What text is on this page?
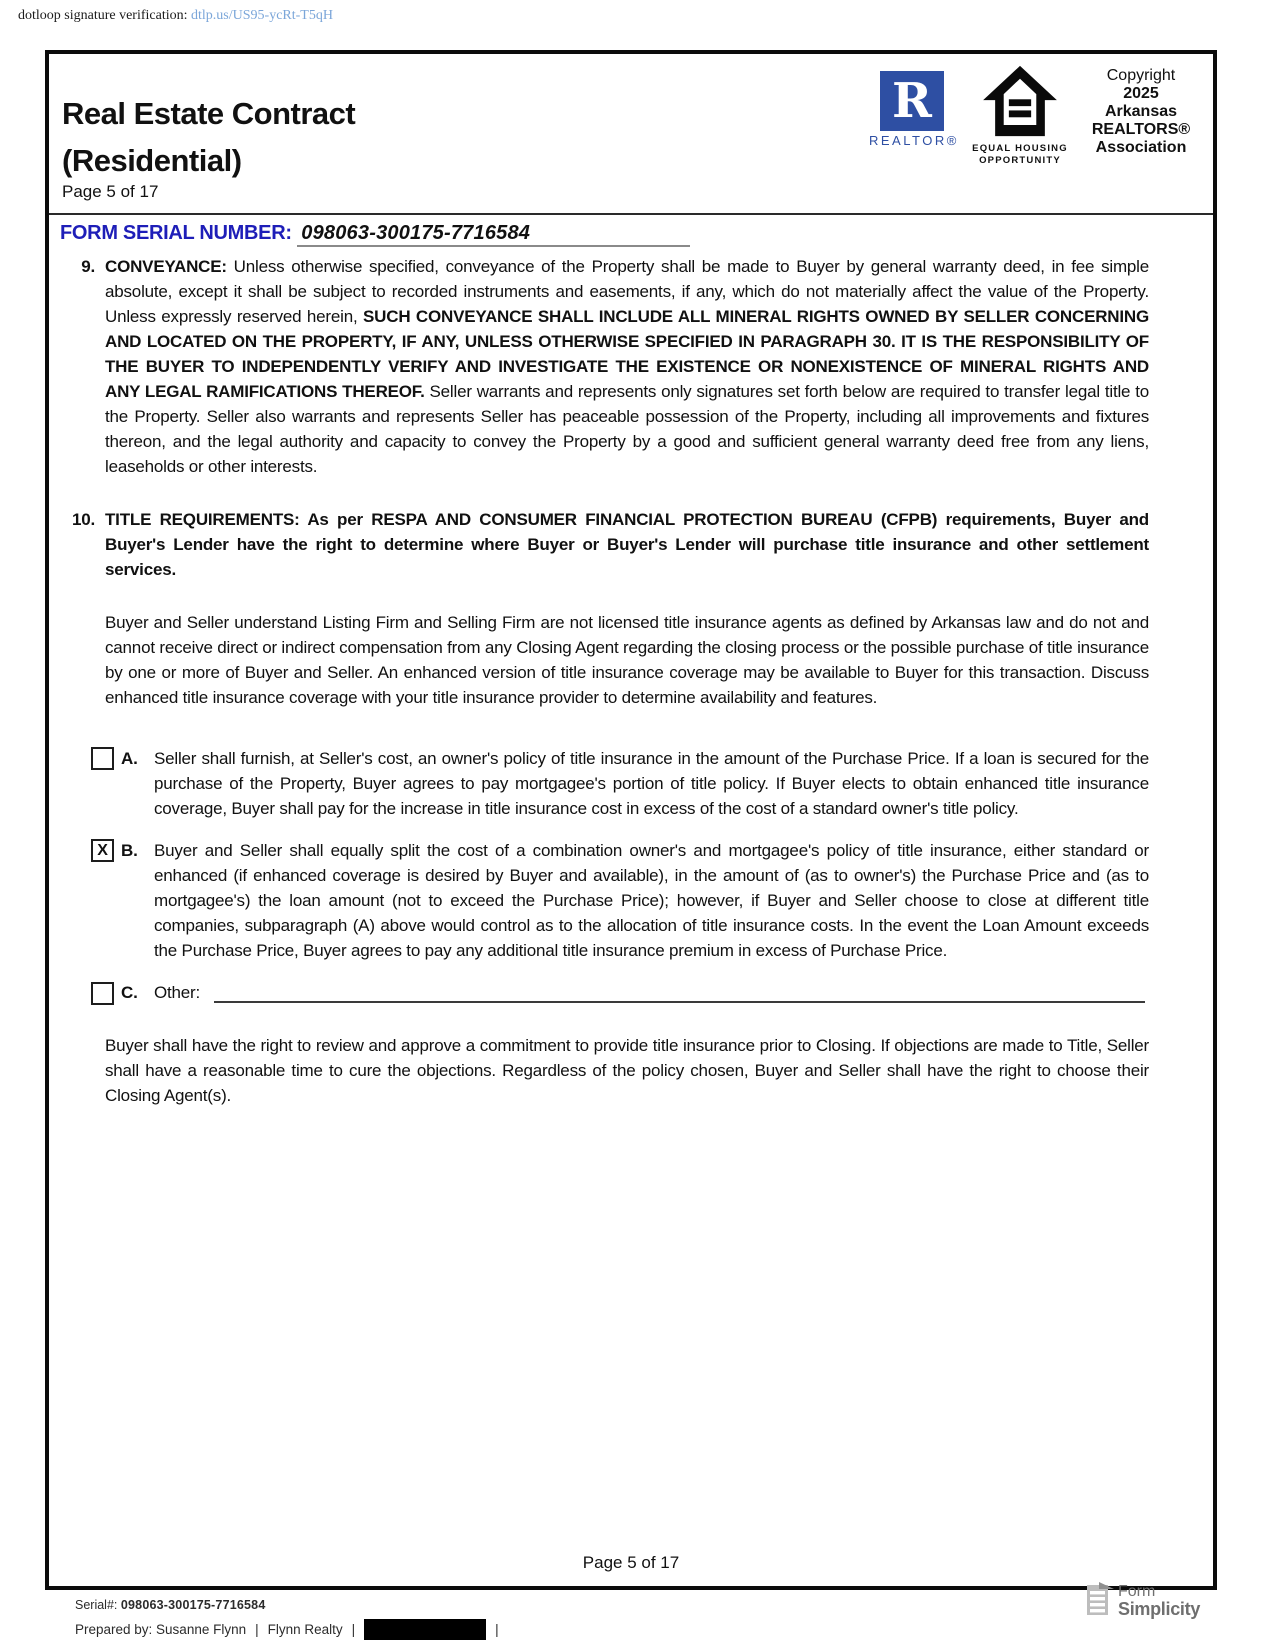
dotloop signature verification: dtlp.us/US95-ycRt-T5qH
Real Estate Contract
(Residential)
Page 5 of 17
R
REALTOR®
EQUAL HOUSING
OPPORTUNITY
Copyright
2025
Arkansas
REALTORS®
Association
FORM SERIAL NUMBER: 098063-300175-7716584
9. CONVEYANCE: Unless otherwise specified, conveyance of the Property shall be made to Buyer by general warranty deed, in fee simple absolute, except it shall be subject to recorded instruments and easements, if any, which do not materially affect the value of the Property. Unless expressly reserved herein, SUCH CONVEYANCE SHALL INCLUDE ALL MINERAL RIGHTS OWNED BY SELLER CONCERNING AND LOCATED ON THE PROPERTY, IF ANY, UNLESS OTHERWISE SPECIFIED IN PARAGRAPH 30. IT IS THE RESPONSIBILITY OF THE BUYER TO INDEPENDENTLY VERIFY AND INVESTIGATE THE EXISTENCE OR NONEXISTENCE OF MINERAL RIGHTS AND ANY LEGAL RAMIFICATIONS THEREOF. Seller warrants and represents only signatures set forth below are required to transfer legal title to the Property. Seller also warrants and represents Seller has peaceable possession of the Property, including all improvements and fixtures thereon, and the legal authority and capacity to convey the Property by a good and sufficient general warranty deed free from any liens, leaseholds or other interests.
10. TITLE REQUIREMENTS: As per RESPA AND CONSUMER FINANCIAL PROTECTION BUREAU (CFPB) requirements, Buyer and Buyer's Lender have the right to determine where Buyer or Buyer's Lender will purchase title insurance and other settlement services.
Buyer and Seller understand Listing Firm and Selling Firm are not licensed title insurance agents as defined by Arkansas law and do not and cannot receive direct or indirect compensation from any Closing Agent regarding the closing process or the possible purchase of title insurance by one or more of Buyer and Seller. An enhanced version of title insurance coverage may be available to Buyer for this transaction. Discuss enhanced title insurance coverage with your title insurance provider to determine availability and features.
A. Seller shall furnish, at Seller's cost, an owner's policy of title insurance in the amount of the Purchase Price. If a loan is secured for the purchase of the Property, Buyer agrees to pay mortgagee's portion of title policy. If Buyer elects to obtain enhanced title insurance coverage, Buyer shall pay for the increase in title insurance cost in excess of the cost of a standard owner's title policy.
X B. Buyer and Seller shall equally split the cost of a combination owner's and mortgagee's policy of title insurance, either standard or enhanced (if enhanced coverage is desired by Buyer and available), in the amount of (as to owner's) the Purchase Price and (as to mortgagee's) the loan amount (not to exceed the Purchase Price); however, if Buyer and Seller choose to close at different title companies, subparagraph (A) above would control as to the allocation of title insurance costs. In the event the Loan Amount exceeds the Purchase Price, Buyer agrees to pay any additional title insurance premium in excess of Purchase Price.
C. Other:
Buyer shall have the right to review and approve a commitment to provide title insurance prior to Closing. If objections are made to Title, Seller shall have a reasonable time to cure the objections. Regardless of the policy chosen, Buyer and Seller shall have the right to choose their Closing Agent(s).
Page 5 of 17
Serial#: 098063-300175-7716584
Prepared by: Susanne Flynn | Flynn Realty |	|
Form
Simplicity
